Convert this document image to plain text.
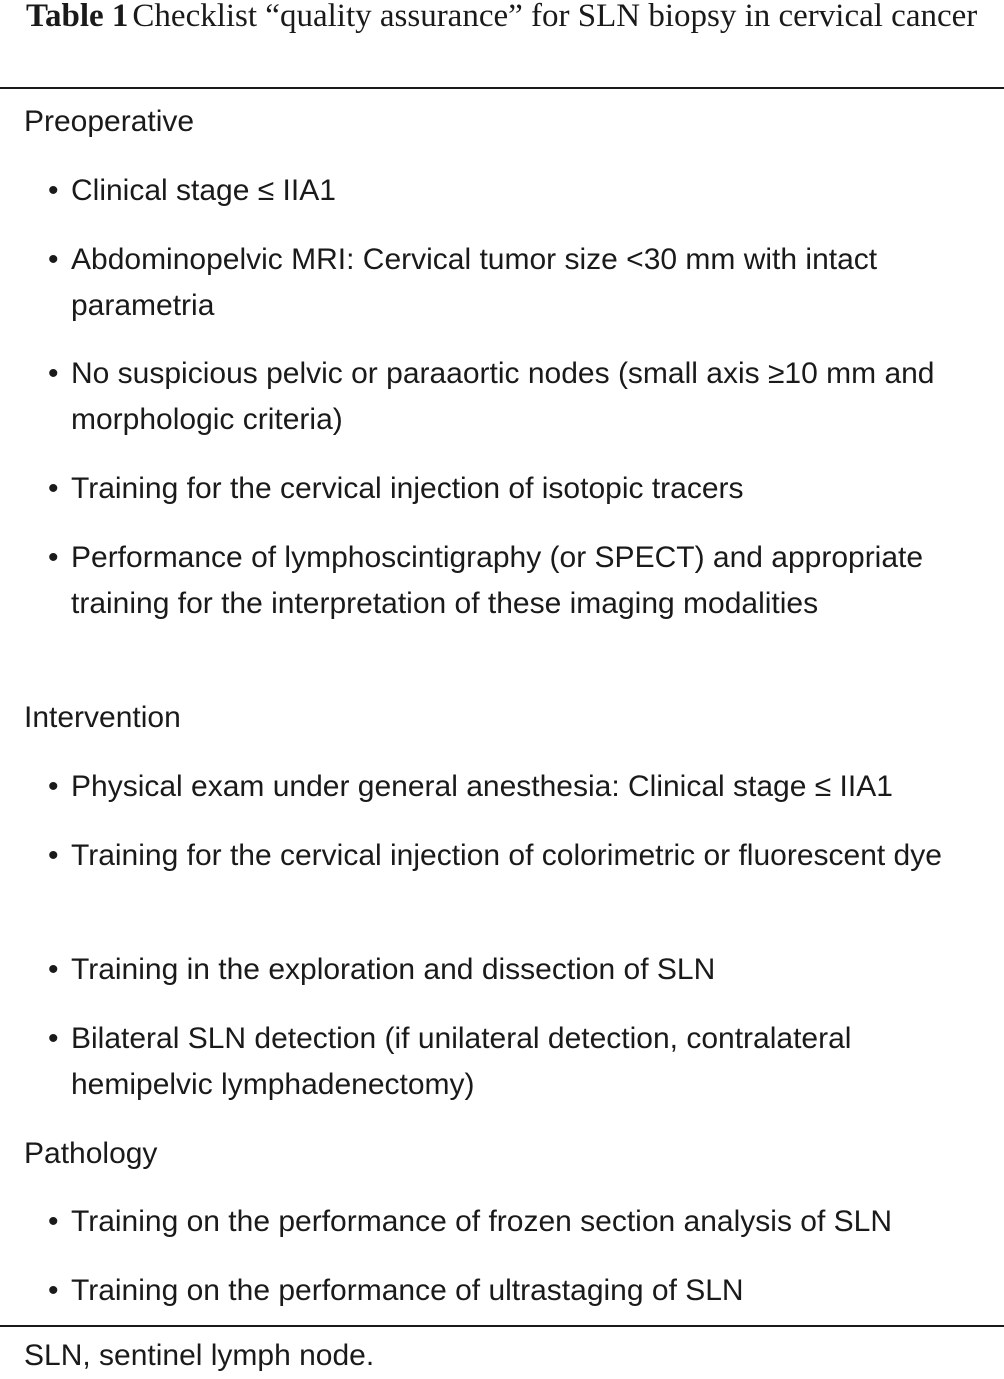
Table 1 Checklist “quality assurance” for SLN biopsy in cervical cancer

Preoperative
• Clinical stage ≤ IIA1
• Abdominopelvic MRI: Cervical tumor size <30 mm with intact parametria
• No suspicious pelvic or paraaortic nodes (small axis ≥10 mm and morphologic criteria)
• Training for the cervical injection of isotopic tracers
• Performance of lymphoscintigraphy (or SPECT) and appropriate training for the interpretation of these imaging modalities
Intervention
• Physical exam under general anesthesia: Clinical stage ≤ IIA1
• Training for the cervical injection of colorimetric or fluorescent dye
• Training in the exploration and dissection of SLN
• Bilateral SLN detection (if unilateral detection, contralateral hemipelvic lymphadenectomy)
Pathology
• Training on the performance of frozen section analysis of SLN
• Training on the performance of ultrastaging of SLN

SLN, sentinel lymph node.
